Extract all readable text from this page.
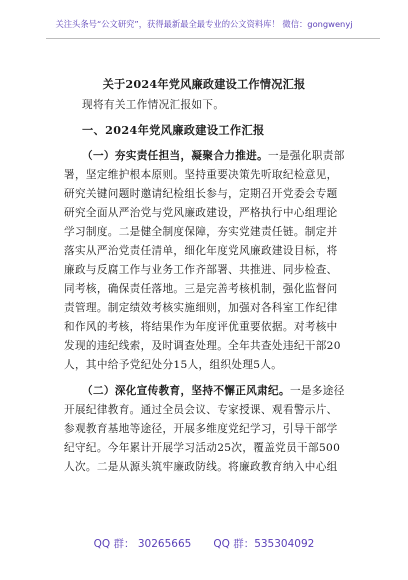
关注头条号“公文研究”，获得最新最全最专业的公文资料库！ 微信：gongwenyj
关于2024年党风廉政建设工作情况汇报
现将有关工作情况汇报如下。
一、2024年党风廉政建设工作汇报
（一）夯实责任担当，凝聚合力推进。一是强化职责部
署，坚定维护根本原则。坚持重要决策先听取纪检意见，
研究关键问题时邀请纪检组长参与，定期召开党委会专题
研究全面从严治党与党风廉政建设，严格执行中心组理论
学习制度。二是健全制度保障，夯实党建责任链。制定并
落实从严治党责任清单，细化年度党风廉政建设目标，将
廉政与反腐工作与业务工作齐部署、共推进、同步检查、
同考核，确保责任落地。三是完善考核机制，强化监督问
责管理。制定绩效考核实施细则，加强对各科室工作纪律
和作风的考核，将结果作为年度评优重要依据。对考核中
发现的违纪线索，及时调查处理。全年共查处违纪干部20
人，其中给予党纪处分15人，组织处理5人。
（二）深化宣传教育，坚持不懈正风肃纪。一是多途径
开展纪律教育。通过全员会议、专家授课、观看警示片、
参观教育基地等途径，开展多维度党纪学习，引导干部学
纪守纪。今年累计开展学习活动25次，覆盖党员干部500
人次。二是从源头筑牢廉政防线。将廉政教育纳入中心组
QQ 群： 30265665 QQ 群：535304092
